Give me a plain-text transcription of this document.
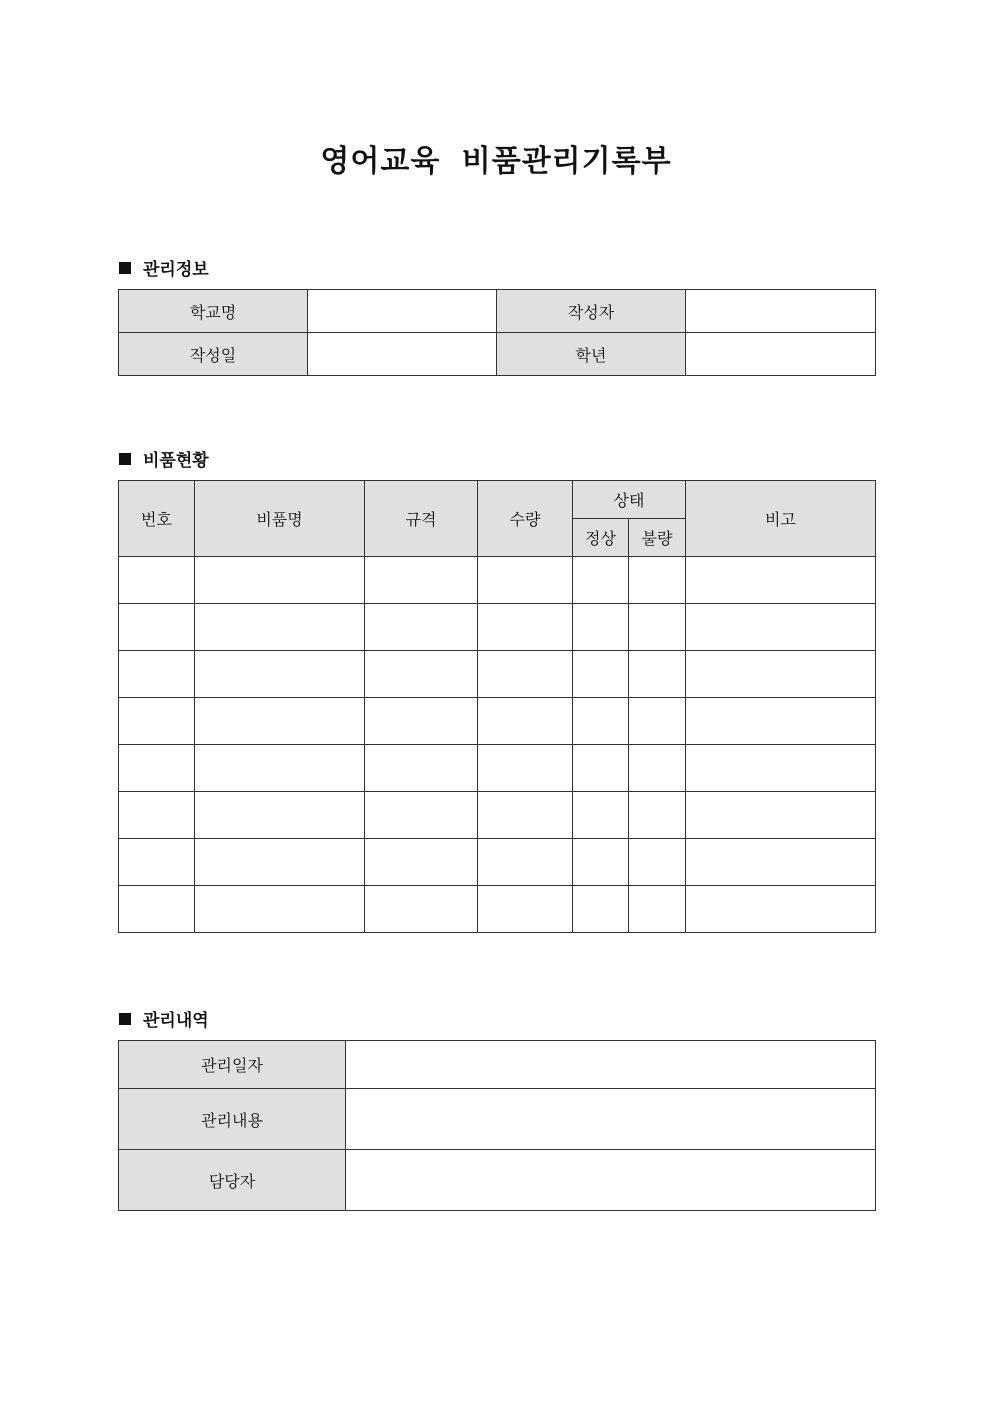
영어교육 비품관리기록부
관리정보
학교명		작성자	
작성일		학년	
비품현황
번호	비품명	규격	수량	상태		비고
				정상	불량	

관리내역
관리일자	
관리내용	
담당자	
